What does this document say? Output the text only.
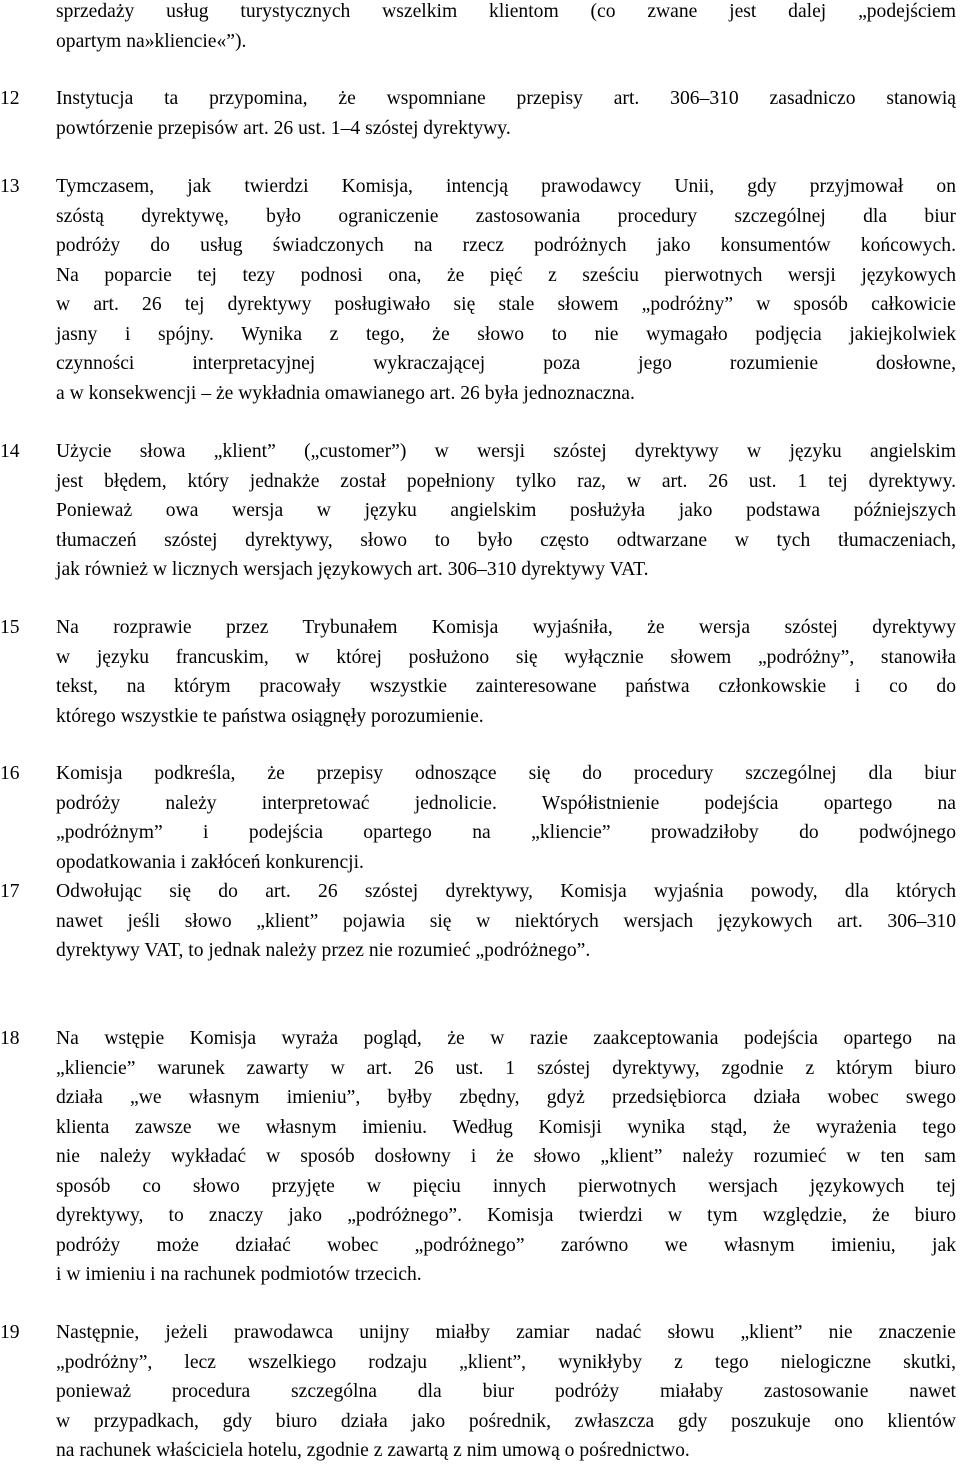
sprzedaży usług turystycznych wszelkim klientom (co zwane jest dalej „podejściem
opartym na»kliencie«”).
12	Instytucja ta przypomina, że wspomniane przepisy art. 306–310 zasadniczo stanowią
powtórzenie przepisów art. 26 ust. 1–4 szóstej dyrektywy.
13	Tymczasem, jak twierdzi Komisja, intencją prawodawcy Unii, gdy przyjmował on
szóstą dyrektywę, było ograniczenie zastosowania procedury szczególnej dla biur
podróży do usług świadczonych na rzecz podróżnych jako konsumentów końcowych.
Na poparcie tej tezy podnosi ona, że pięć z sześciu pierwotnych wersji językowych
w art. 26 tej dyrektywy posługiwało się stale słowem „podróżny” w sposób całkowicie
jasny i spójny. Wynika z tego, że słowo to nie wymagało podjęcia jakiejkolwiek
czynności interpretacyjnej wykraczającej poza jego rozumienie dosłowne,
a w konsekwencji – że wykładnia omawianego art. 26 była jednoznaczna.
14	Użycie słowa „klient” („customer”) w wersji szóstej dyrektywy w języku angielskim
jest błędem, który jednakże został popełniony tylko raz, w art. 26 ust. 1 tej dyrektywy.
Ponieważ owa wersja w języku angielskim posłużyła jako podstawa późniejszych
tłumaczeń szóstej dyrektywy, słowo to było często odtwarzane w tych tłumaczeniach,
jak również w licznych wersjach językowych art. 306–310 dyrektywy VAT.
15	Na rozprawie przez Trybunałem Komisja wyjaśniła, że wersja szóstej dyrektywy
w języku francuskim, w której posłużono się wyłącznie słowem „podróżny”, stanowiła
tekst, na którym pracowały wszystkie zainteresowane państwa członkowskie i co do
którego wszystkie te państwa osiągnęły porozumienie.
16	Komisja podkreśla, że przepisy odnoszące się do procedury szczególnej dla biur
podróży należy interpretować jednolicie. Współistnienie podejścia opartego na
„podróżnym” i podejścia opartego na „kliencie” prowadziłoby do podwójnego
opodatkowania i zakłóceń konkurencji.
17	Odwołując się do art. 26 szóstej dyrektywy, Komisja wyjaśnia powody, dla których
nawet jeśli słowo „klient” pojawia się w niektórych wersjach językowych art. 306–310
dyrektywy VAT, to jednak należy przez nie rozumieć „podróżnego”.
18	Na wstępie Komisja wyraża pogląd, że w razie zaakceptowania podejścia opartego na
„kliencie” warunek zawarty w art. 26 ust. 1 szóstej dyrektywy, zgodnie z którym biuro
działa „we własnym imieniu”, byłby zbędny, gdyż przedsiębiorca działa wobec swego
klienta zawsze we własnym imieniu. Według Komisji wynika stąd, że wyrażenia tego
nie należy wykładać w sposób dosłowny i że słowo „klient” należy rozumieć w ten sam
sposób co słowo przyjęte w pięciu innych pierwotnych wersjach językowych tej
dyrektywy, to znaczy jako „podróżnego”. Komisja twierdzi w tym względzie, że biuro
podróży może działać wobec „podróżnego” zarówno we własnym imieniu, jak
i w imieniu i na rachunek podmiotów trzecich.
19	Następnie, jeżeli prawodawca unijny miałby zamiar nadać słowu „klient” nie znaczenie
„podróżny”, lecz wszelkiego rodzaju „klient”, wynikłyby z tego nielogiczne skutki,
ponieważ procedura szczególna dla biur podróży miałaby zastosowanie nawet
w przypadkach, gdy biuro działa jako pośrednik, zwłaszcza gdy poszukuje ono klientów
na rachunek właściciela hotelu, zgodnie z zawartą z nim umową o pośrednictwo.
